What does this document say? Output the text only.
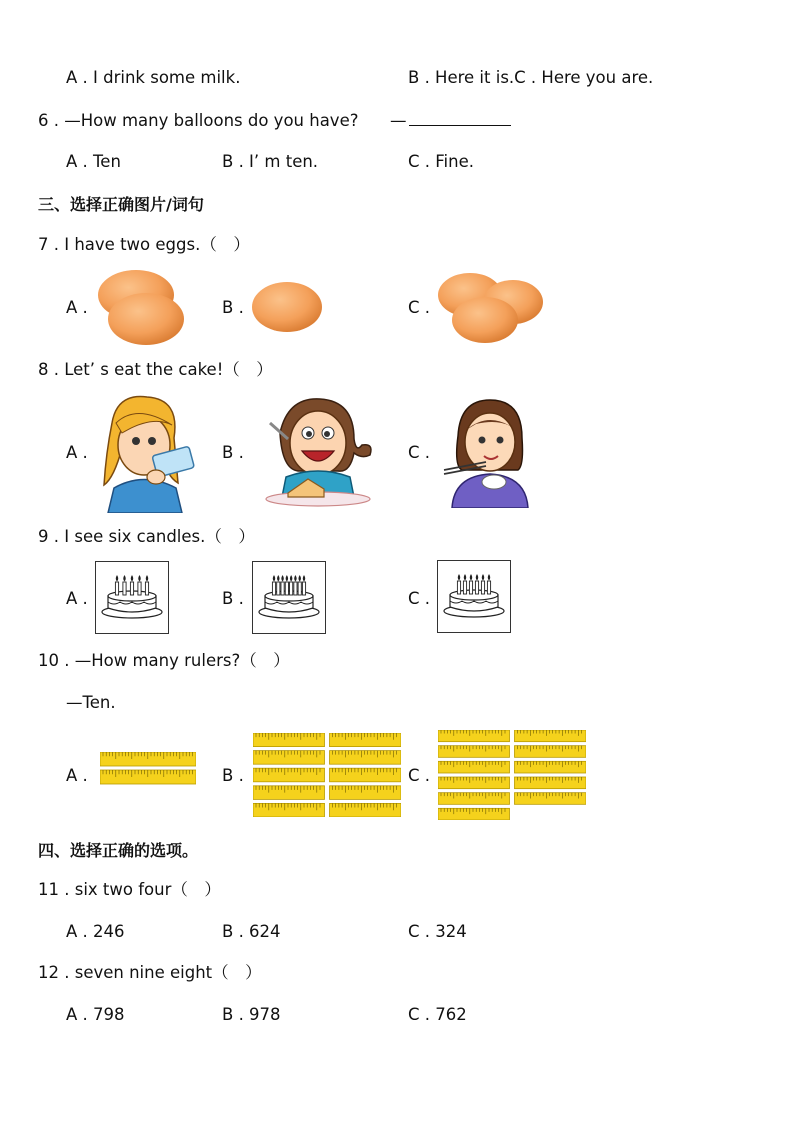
A . I drink some milk.	B . Here it is.C . Here you are.
6 . —How many balloons do you have? —
A . Ten	B . I’ m ten.	C . Fine.
三、选择正确图片/词句
7 . I have two eggs.（　）
A .	B .	C .
8 . Let’ s eat the cake!（　）
A .	B .	C .
9 . I see six candles.（　）
A .	B .	C .
10 . —How many rulers?（　）
—Ten.
A .	B .	C .
四、选择正确的选项。
11 . six two four（　）
A . 246	B . 624	C . 324
12 . seven nine eight（　）
A . 798	B . 978	C . 762
